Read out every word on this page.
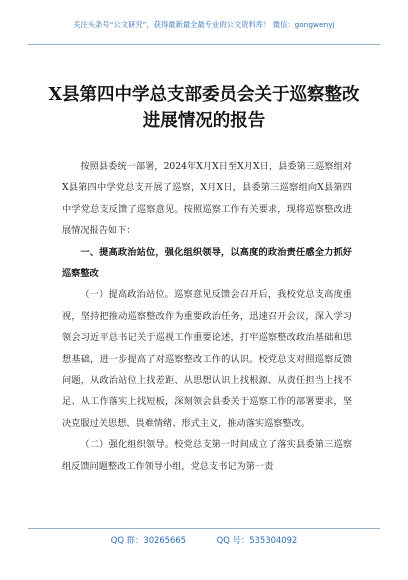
关注头条号“公文研究”，获得最新最全最专业的公文资料库！ 微信：gongwenyj
X县第四中学总支部委员会关于巡察整改进展情况的报告

按照县委统一部署，2024年X月X日至X月X日，县委第三巡察组对X县第四中学党总支开展了巡察，X月X日，县委第三巡察组向X县第四中学党总支反馈了巡察意见。按照巡察工作有关要求，现将巡察整改进展情况报告如下：

一、提高政治站位，强化组织领导，以高度的政治责任感全力抓好巡察整改

（一）提高政治站位。巡察意见反馈会召开后，我校党总支高度重视，坚持把推动巡察整改作为重要政治任务，迅速召开会议，深入学习领会习近平总书记关于巡视工作重要论述，打牢巡察整改政治基础和思想基础，进一步提高了对巡察整改工作的认识。校党总支对照巡察反馈问题，从政治站位上找差距、从思想认识上找根源、从责任担当上找不足、从工作落实上找短板，深刻领会县委关于巡察工作的部署要求，坚决克服过关思想、畏难情绪、形式主义，推动落实巡察整改。

（二）强化组织领导。校党总支第一时间成立了落实县委第三巡察组反馈问题整改工作领导小组，党总支书记为第一责

QQ 群：30265665	QQ 号：535304092
